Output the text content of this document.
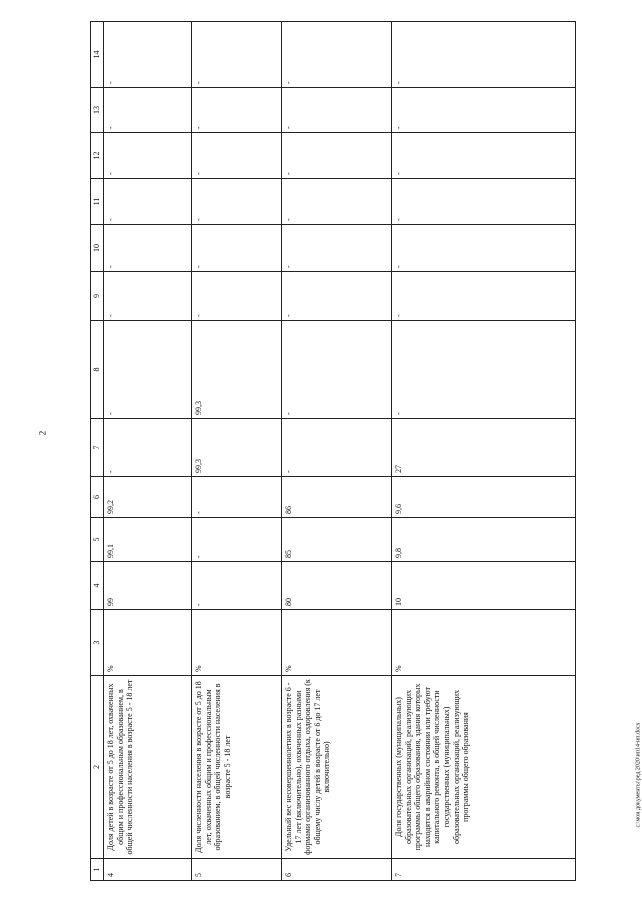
2
1	2	3	4	5	6	7	8	9	10	11	12	13	14
4	Доля детей в возрасте от 5 до 18 лет, охваченных общим и профессиональным образованием, в общей численности населения в возрасте 5 - 18 лет	%	99	99,1	99,2	-	-	-	-	-	-	-	-
5	Доля численности населения в возрасте от 5 до 18 лет, охваченных общим и профессиональным образованием, в общей численности населения в возрасте 5 - 18 лет	%	-	-	-	99,3	99,3	-	-	-	-	-	-
6	Удельный вес несовершеннолетних в возрасте 6 - 17 лет (включительно), охваченных разными формами организованного отдыха, оздоровления (к общему числу детей в возрасте от 6 до 17 лет включительно)	%	80	85	86	-	-	-	-	-	-	-	-
7	Доля государственных (муниципальных) образовательных организаций, реализующих программы общего образования, здания которых находятся в аварийном состоянии или требуют капитального ремонта, в общей численности государственных (муниципальных) образовательных организаций, реализующих программы общего образования	%	10	9,8	9,6	27	-	-	-	-	-	-	-
c:\мои документы\ред 2020\ип14-ип.docx
